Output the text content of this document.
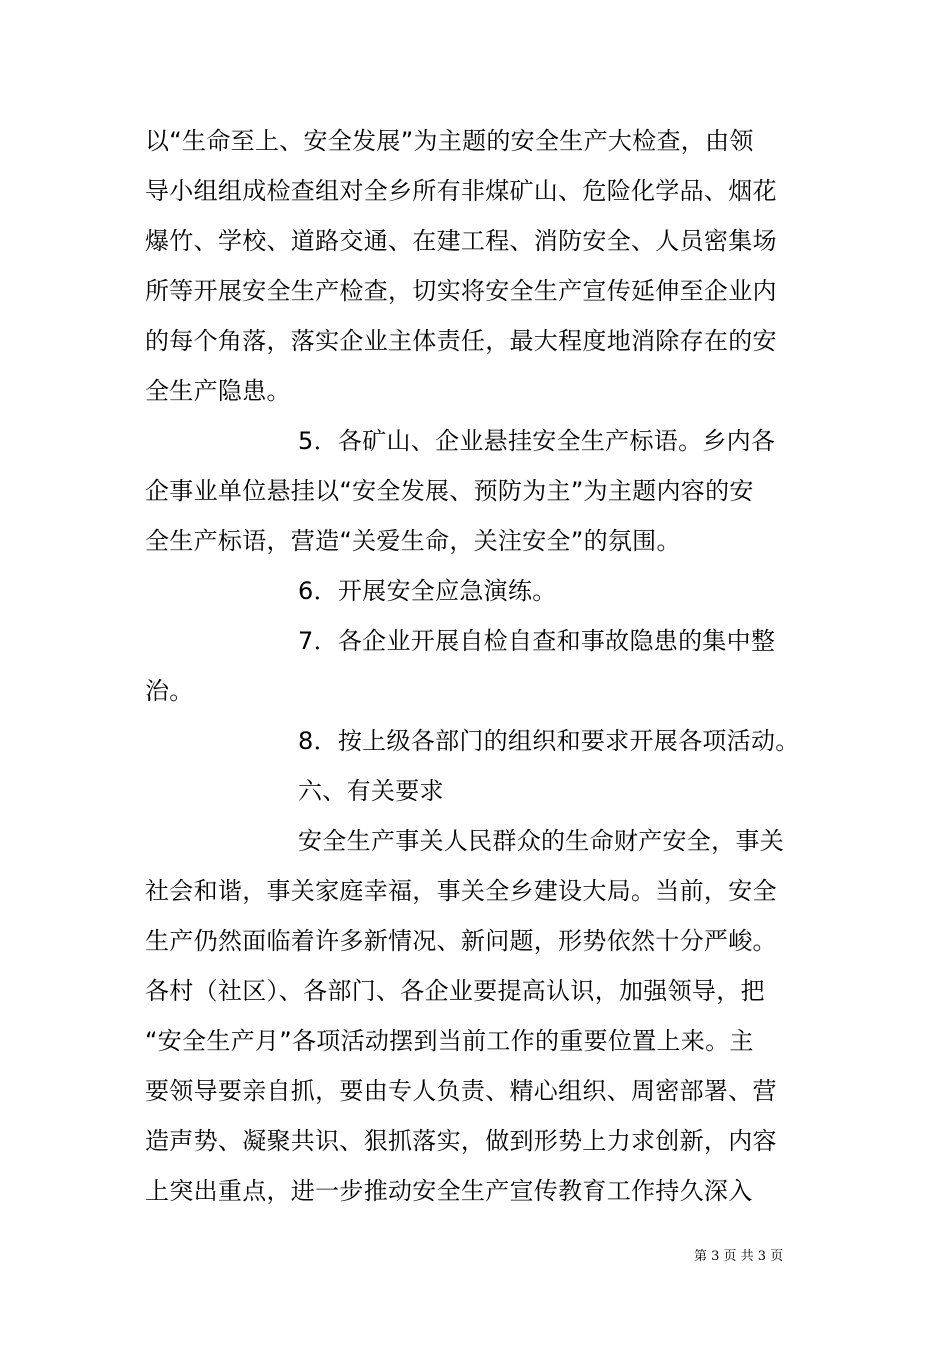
以“生命至上、安全发展”为主题的安全生产大检查，由领
导小组组成检查组对全乡所有非煤矿山、危险化学品、烟花
爆竹、学校、道路交通、在建工程、消防安全、人员密集场
所等开展安全生产检查，切实将安全生产宣传延伸至企业内
的每个角落，落实企业主体责任，最大程度地消除存在的安
全生产隐患。
5．各矿山、企业悬挂安全生产标语。乡内各
企事业单位悬挂以“安全发展、预防为主”为主题内容的安
全生产标语，营造“关爱生命，关注安全”的氛围。
6．开展安全应急演练。
7．各企业开展自检自查和事故隐患的集中整
治。
8．按上级各部门的组织和要求开展各项活动。
六、有关要求
安全生产事关人民群众的生命财产安全，事关
社会和谐，事关家庭幸福，事关全乡建设大局。当前，安全
生产仍然面临着许多新情况、新问题，形势依然十分严峻。
各村（社区）、各部门、各企业要提高认识，加强领导，把
“安全生产月”各项活动摆到当前工作的重要位置上来。主
要领导要亲自抓，要由专人负责、精心组织、周密部署、营
造声势、凝聚共识、狠抓落实，做到形势上力求创新，内容
上突出重点，进一步推动安全生产宣传教育工作持久深入
第 3 页 共 3 页
